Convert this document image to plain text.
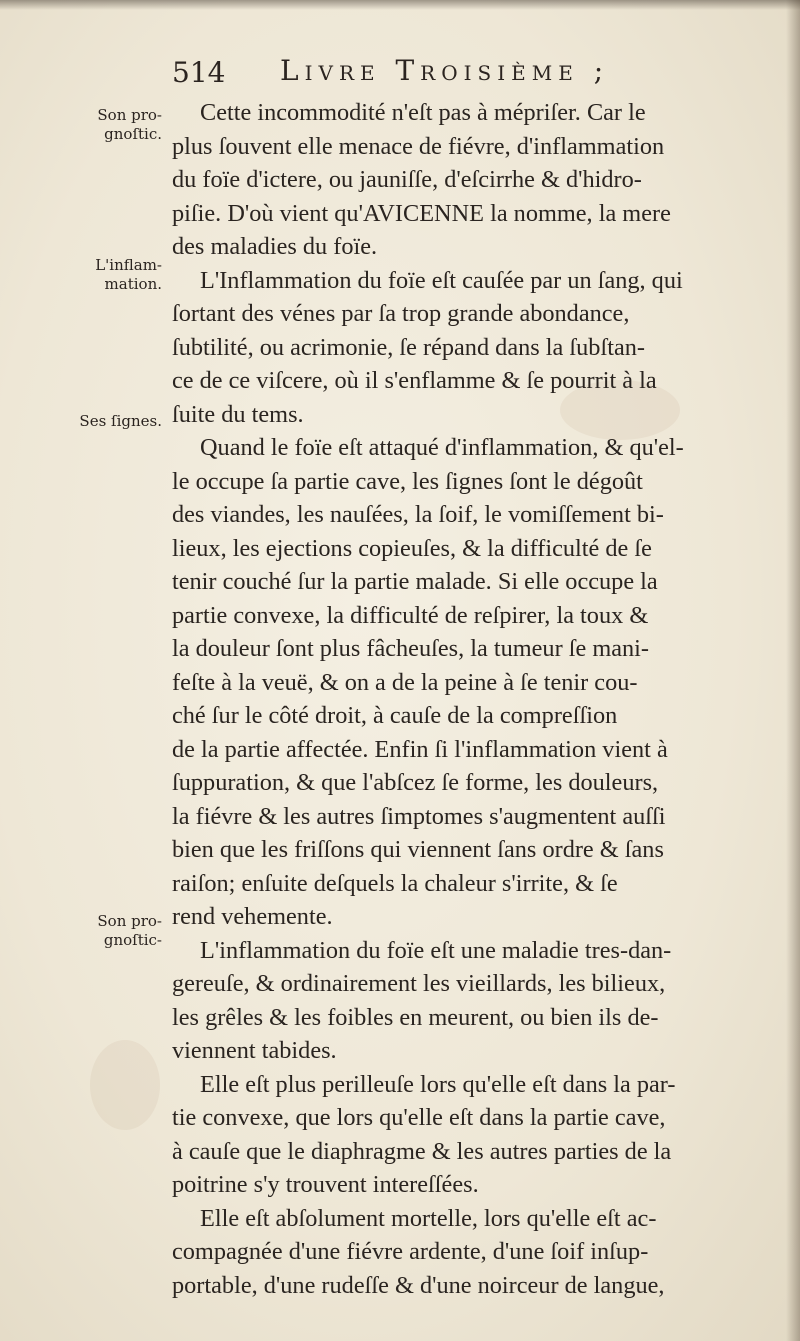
514 Livre Troisième ;
Son pro-
gnoſtic.
L'inflam-
mation.
Ses ſignes.
Son pro-
gnoſtic-
Cette incommodité n'eſt pas à mépriſer. Car le
plus ſouvent elle menace de fiévre, d'inflammation
du foïe d'ictere, ou jauniſſe, d'eſcirrhe & d'hidro-
piſie. D'où vient qu'AVICENNE la nomme, la mere
des maladies du foïe.
L'Inflammation du foïe eſt cauſée par un ſang, qui
ſortant des vénes par ſa trop grande abondance,
ſubtilité, ou acrimonie, ſe répand dans la ſubſtan-
ce de ce viſcere, où il s'enflamme & ſe pourrit à la
ſuite du tems.
Quand le foïe eſt attaqué d'inflammation, & qu'el-
le occupe ſa partie cave, les ſignes ſont le dégoût
des viandes, les nauſées, la ſoif, le vomiſſement bi-
lieux, les ejections copieuſes, & la difficulté de ſe
tenir couché ſur la partie malade. Si elle occupe la
partie convexe, la difficulté de reſpirer, la toux &
la douleur ſont plus fâcheuſes, la tumeur ſe mani-
feſte à la veuë, & on a de la peine à ſe tenir cou-
ché ſur le côté droit, à cauſe de la compreſſion
de la partie affectée. Enfin ſi l'inflammation vient à
ſuppuration, & que l'abſcez ſe forme, les douleurs,
la fiévre & les autres ſimptomes s'augmentent auſſi
bien que les friſſons qui viennent ſans ordre & ſans
raiſon; enſuite deſquels la chaleur s'irrite, & ſe
rend vehemente.
L'inflammation du foïe eſt une maladie tres-dan-
gereuſe, & ordinairement les vieillards, les bilieux,
les grêles & les foibles en meurent, ou bien ils de-
viennent tabides.
Elle eſt plus perilleuſe lors qu'elle eſt dans la par-
tie convexe, que lors qu'elle eſt dans la partie cave,
à cauſe que le diaphragme & les autres parties de la
poitrine s'y trouvent intereſſées.
Elle eſt abſolument mortelle, lors qu'elle eſt ac-
compagnée d'une fiévre ardente, d'une ſoif inſup-
portable, d'une rudeſſe & d'une noirceur de langue,
